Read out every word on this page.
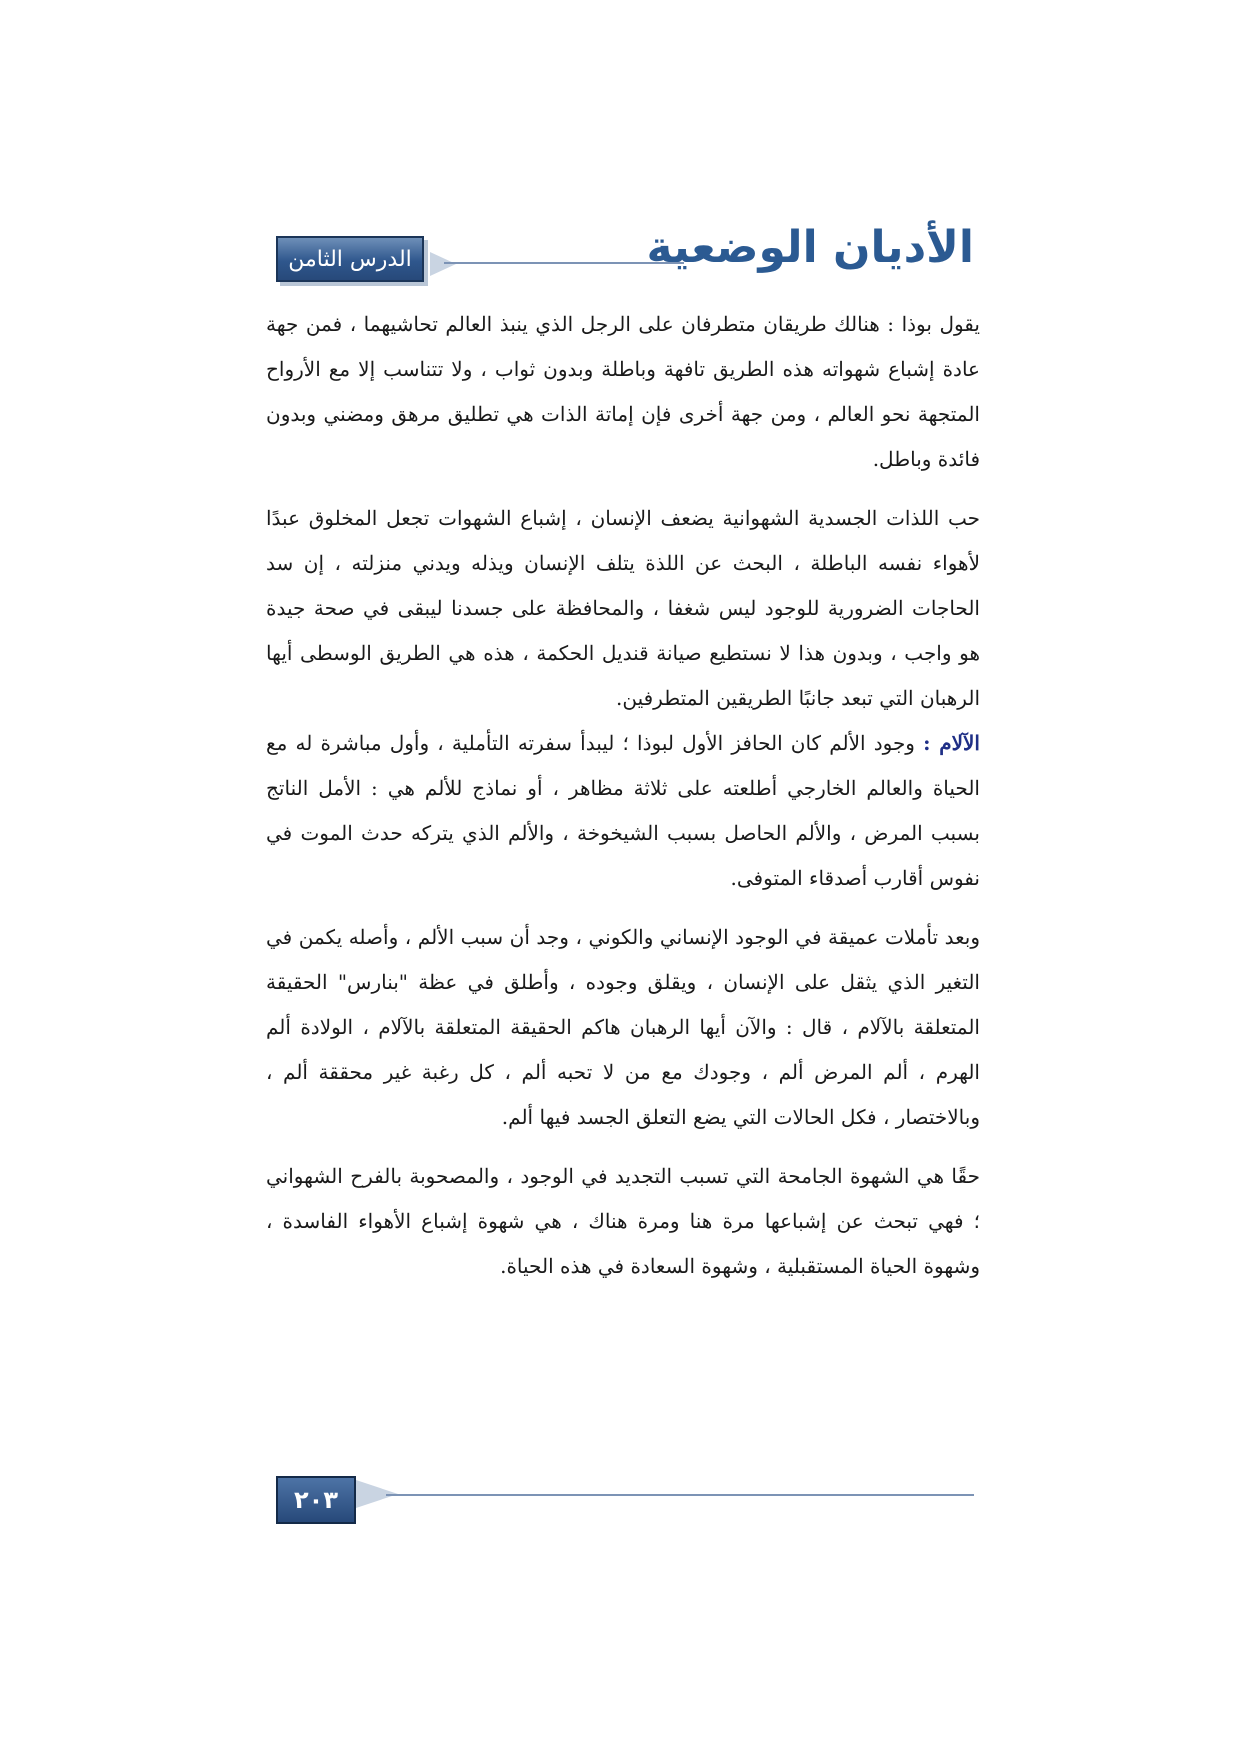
الدرس الثامن	الأديان الوضعية

يقول بوذا : هنالك طريقان متطرفان على الرجل الذي ينبذ العالم تحاشيهما ، فمن جهة عادة إشباع شهواته هذه الطريق تافهة وباطلة وبدون ثواب ، ولا تتناسب إلا مع الأرواح المتجهة نحو العالم ، ومن جهة أخرى فإن إماتة الذات هي تطليق مرهق ومضني وبدون فائدة وباطل.

حب اللذات الجسدية الشهوانية يضعف الإنسان ، إشباع الشهوات تجعل المخلوق عبدًا لأهواء نفسه الباطلة ، البحث عن اللذة يتلف الإنسان ويذله ويدني منزلته ، إن سد الحاجات الضرورية للوجود ليس شغفا ، والمحافظة على جسدنا ليبقى في صحة جيدة هو واجب ، وبدون هذا لا نستطيع صيانة قنديل الحكمة ، هذه هي الطريق الوسطى أيها الرهبان التي تبعد جانبًا الطريقين المتطرفين.
الآلام : وجود الألم كان الحافز الأول لبوذا ؛ ليبدأ سفرته التأملية ، وأول مباشرة له مع الحياة والعالم الخارجي أطلعته على ثلاثة مظاهر ، أو نماذج للألم هي : الأمل الناتج بسبب المرض ، والألم الحاصل بسبب الشيخوخة ، والألم الذي يتركه حدث الموت في نفوس أقارب أصدقاء المتوفى.

وبعد تأملات عميقة في الوجود الإنساني والكوني ، وجد أن سبب الألم ، وأصله يكمن في التغير الذي يثقل على الإنسان ، ويقلق وجوده ، وأطلق في عظة "بنارس" الحقيقة المتعلقة بالآلام ، قال : والآن أيها الرهبان هاكم الحقيقة المتعلقة بالآلام ، الولادة ألم الهرم ، ألم المرض ألم ، وجودك مع من لا تحبه ألم ، كل رغبة غير محققة ألم ، وبالاختصار ، فكل الحالات التي يضع التعلق الجسد فيها ألم.

حقًا هي الشهوة الجامحة التي تسبب التجديد في الوجود ، والمصحوبة بالفرح الشهواني ؛ فهي تبحث عن إشباعها مرة هنا ومرة هناك ، هي شهوة إشباع الأهواء الفاسدة ، وشهوة الحياة المستقبلية ، وشهوة السعادة في هذه الحياة.

٢٠٣
